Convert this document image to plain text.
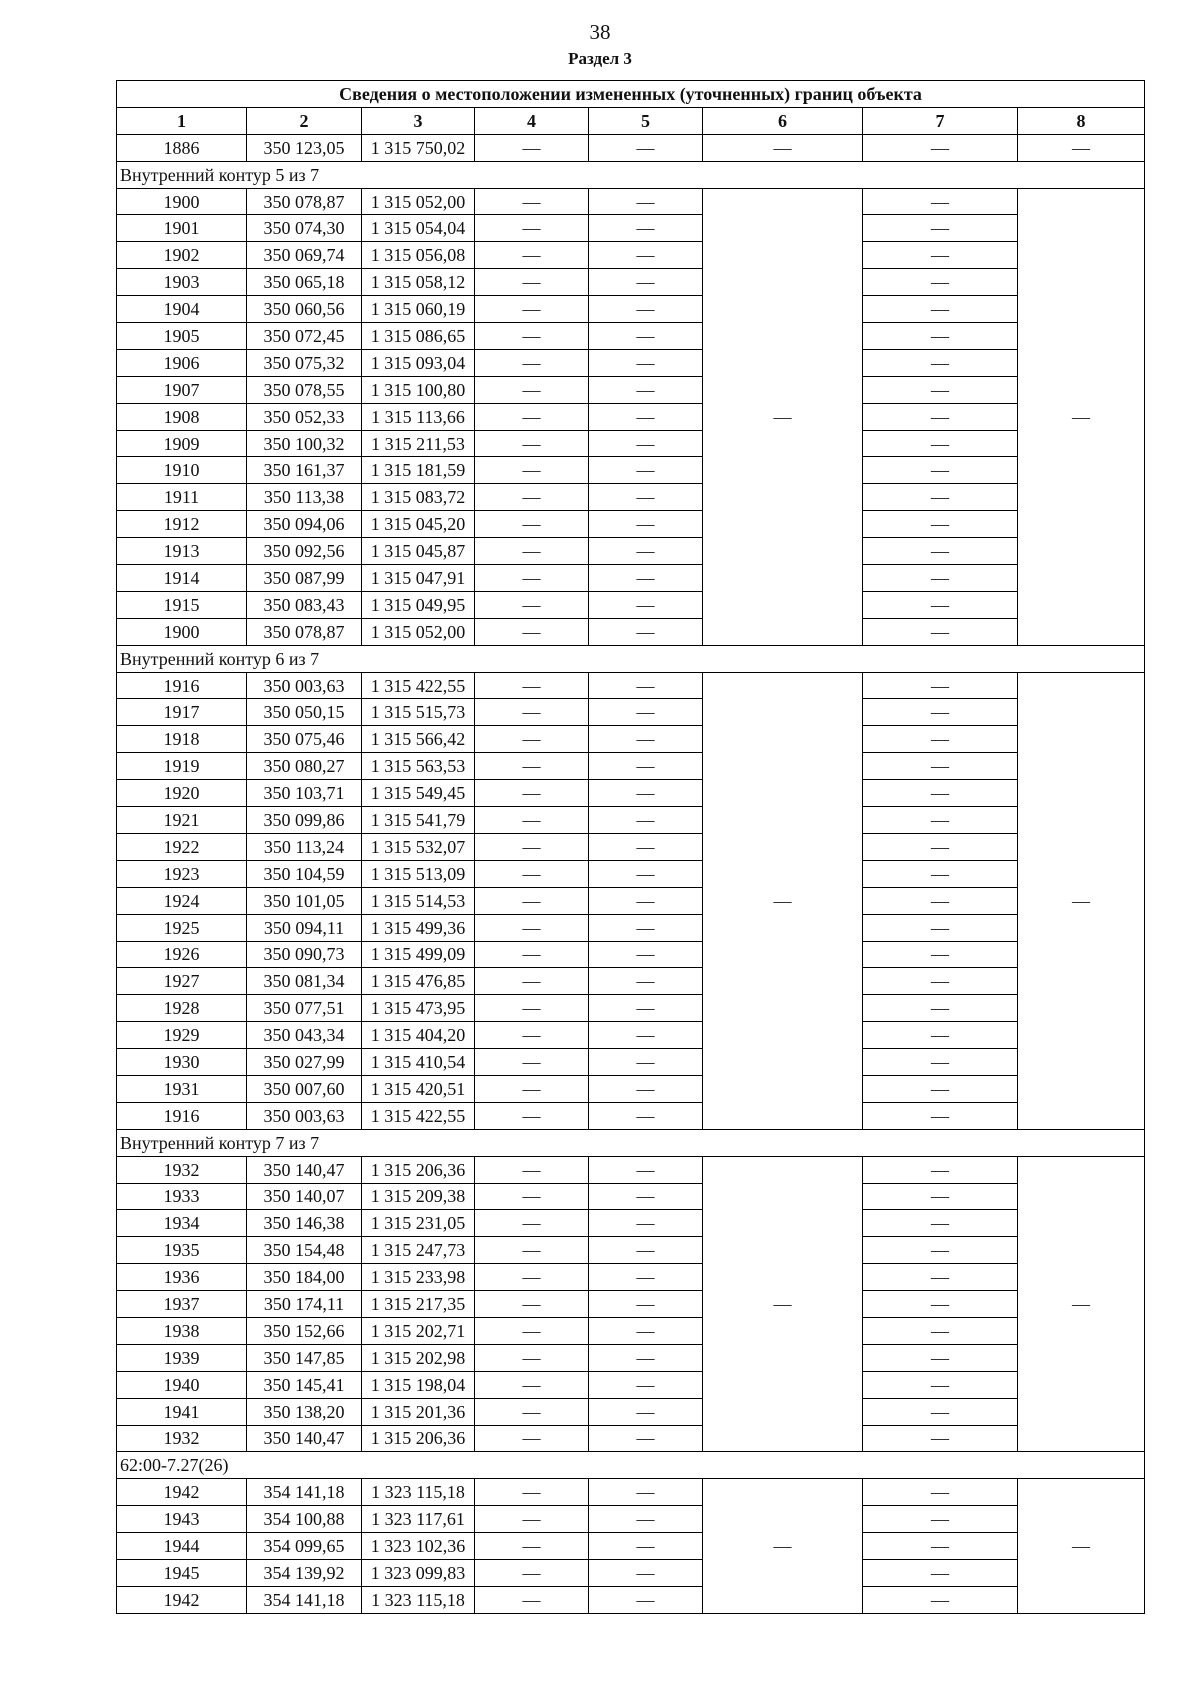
38
Раздел 3
Сведения о местоположении измененных (уточненных) границ объекта							
1	2	3	4	5	6	7	8
1886	350 123,05	1 315 750,02	—	—	—	—	—
Внутренний контур 5 из 7							
1900	350 078,87	1 315 052,00	—	—	—	—	—
1901	350 074,30	1 315 054,04	—	—		—	
1902	350 069,74	1 315 056,08	—	—		—	
1903	350 065,18	1 315 058,12	—	—		—	
1904	350 060,56	1 315 060,19	—	—		—	
1905	350 072,45	1 315 086,65	—	—		—	
1906	350 075,32	1 315 093,04	—	—		—	
1907	350 078,55	1 315 100,80	—	—		—	
1908	350 052,33	1 315 113,66	—	—		—	
1909	350 100,32	1 315 211,53	—	—		—	
1910	350 161,37	1 315 181,59	—	—		—	
1911	350 113,38	1 315 083,72	—	—		—	
1912	350 094,06	1 315 045,20	—	—		—	
1913	350 092,56	1 315 045,87	—	—		—	
1914	350 087,99	1 315 047,91	—	—		—	
1915	350 083,43	1 315 049,95	—	—		—	
1900	350 078,87	1 315 052,00	—	—		—	
Внутренний контур 6 из 7							
1916	350 003,63	1 315 422,55	—	—	—	—	—
1917	350 050,15	1 315 515,73	—	—		—	
1918	350 075,46	1 315 566,42	—	—		—	
1919	350 080,27	1 315 563,53	—	—		—	
1920	350 103,71	1 315 549,45	—	—		—	
1921	350 099,86	1 315 541,79	—	—		—	
1922	350 113,24	1 315 532,07	—	—		—	
1923	350 104,59	1 315 513,09	—	—		—	
1924	350 101,05	1 315 514,53	—	—		—	
1925	350 094,11	1 315 499,36	—	—		—	
1926	350 090,73	1 315 499,09	—	—		—	
1927	350 081,34	1 315 476,85	—	—		—	
1928	350 077,51	1 315 473,95	—	—		—	
1929	350 043,34	1 315 404,20	—	—		—	
1930	350 027,99	1 315 410,54	—	—		—	
1931	350 007,60	1 315 420,51	—	—		—	
1916	350 003,63	1 315 422,55	—	—		—	
Внутренний контур 7 из 7							
1932	350 140,47	1 315 206,36	—	—	—	—	—
1933	350 140,07	1 315 209,38	—	—		—	
1934	350 146,38	1 315 231,05	—	—		—	
1935	350 154,48	1 315 247,73	—	—		—	
1936	350 184,00	1 315 233,98	—	—		—	
1937	350 174,11	1 315 217,35	—	—		—	
1938	350 152,66	1 315 202,71	—	—		—	
1939	350 147,85	1 315 202,98	—	—		—	
1940	350 145,41	1 315 198,04	—	—		—	
1941	350 138,20	1 315 201,36	—	—		—	
1932	350 140,47	1 315 206,36	—	—		—	
62:00-7.27(26)							
1942	354 141,18	1 323 115,18	—	—	—	—	—
1943	354 100,88	1 323 117,61	—	—		—	
1944	354 099,65	1 323 102,36	—	—		—	
1945	354 139,92	1 323 099,83	—	—		—	
1942	354 141,18	1 323 115,18	—	—		—	
